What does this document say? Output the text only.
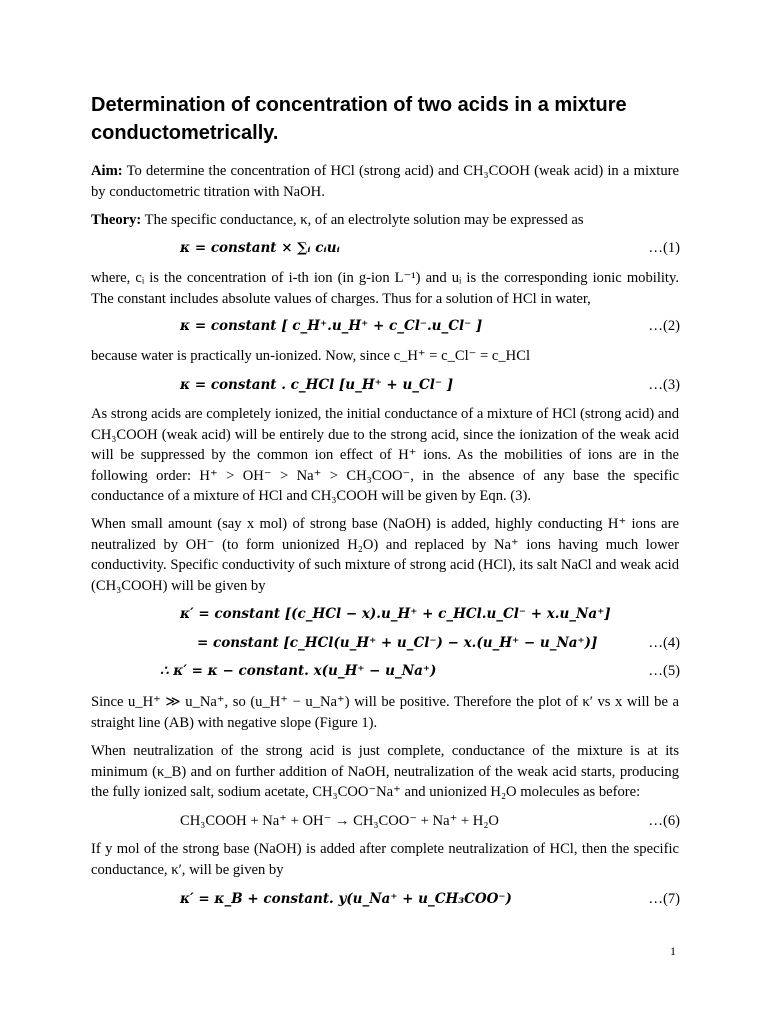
Determination of concentration of two acids in a mixture conductometrically.
Aim: To determine the concentration of HCl (strong acid) and CH₃COOH (weak acid) in a mixture by conductometric titration with NaOH.
Theory: The specific conductance, κ, of an electrolyte solution may be expressed as
κ = constant × ∑ᵢ cᵢuᵢ	…(1)
where, cᵢ is the concentration of i-th ion (in g-ion L⁻¹) and uᵢ is the corresponding ionic mobility. The constant includes absolute values of charges. Thus for a solution of HCl in water,
κ = constant [ c_H⁺.u_H⁺ + c_Cl⁻.u_Cl⁻ ]	…(2)
because water is practically un-ionized. Now, since c_H⁺ = c_Cl⁻ = c_HCl
κ = constant . c_HCl [u_H⁺ + u_Cl⁻ ]	…(3)
As strong acids are completely ionized, the initial conductance of a mixture of HCl (strong acid) and CH₃COOH (weak acid) will be entirely due to the strong acid, since the ionization of the weak acid will be suppressed by the common ion effect of H⁺ ions. As the mobilities of ions are in the following order: H⁺ > OH⁻ > Na⁺ > CH₃COO⁻, in the absence of any base the specific conductance of a mixture of HCl and CH₃COOH will be given by Eqn. (3).
When small amount (say x mol) of strong base (NaOH) is added, highly conducting H⁺ ions are neutralized by OH⁻ (to form unionized H₂O) and replaced by Na⁺ ions having much lower conductivity. Specific conductivity of such mixture of strong acid (HCl), its salt NaCl and weak acid (CH₃COOH) will be given by
κ′ = constant [(c_HCl − x).u_H⁺ + c_HCl.u_Cl⁻ + x.u_Na⁺]
= constant [c_HCl(u_H⁺ + u_Cl⁻) − x.(u_H⁺ − u_Na⁺)]	…(4)
∴ κ′ = κ − constant. x(u_H⁺ − u_Na⁺)	…(5)
Since u_H⁺ ≫ u_Na⁺, so (u_H⁺ − u_Na⁺) will be positive. Therefore the plot of κ′ vs x will be a straight line (AB) with negative slope (Figure 1).
When neutralization of the strong acid is just complete, conductance of the mixture is at its minimum (κ_B) and on further addition of NaOH, neutralization of the weak acid starts, producing the fully ionized salt, sodium acetate, CH₃COO⁻Na⁺ and unionized H₂O molecules as before:
CH₃COOH + Na⁺ + OH⁻ → CH₃COO⁻ + Na⁺ + H₂O	…(6)
If y mol of the strong base (NaOH) is added after complete neutralization of HCl, then the specific conductance, κ′, will be given by
κ′ = κ_B + constant. y(u_Na⁺ + u_CH₃COO⁻)	…(7)
1
